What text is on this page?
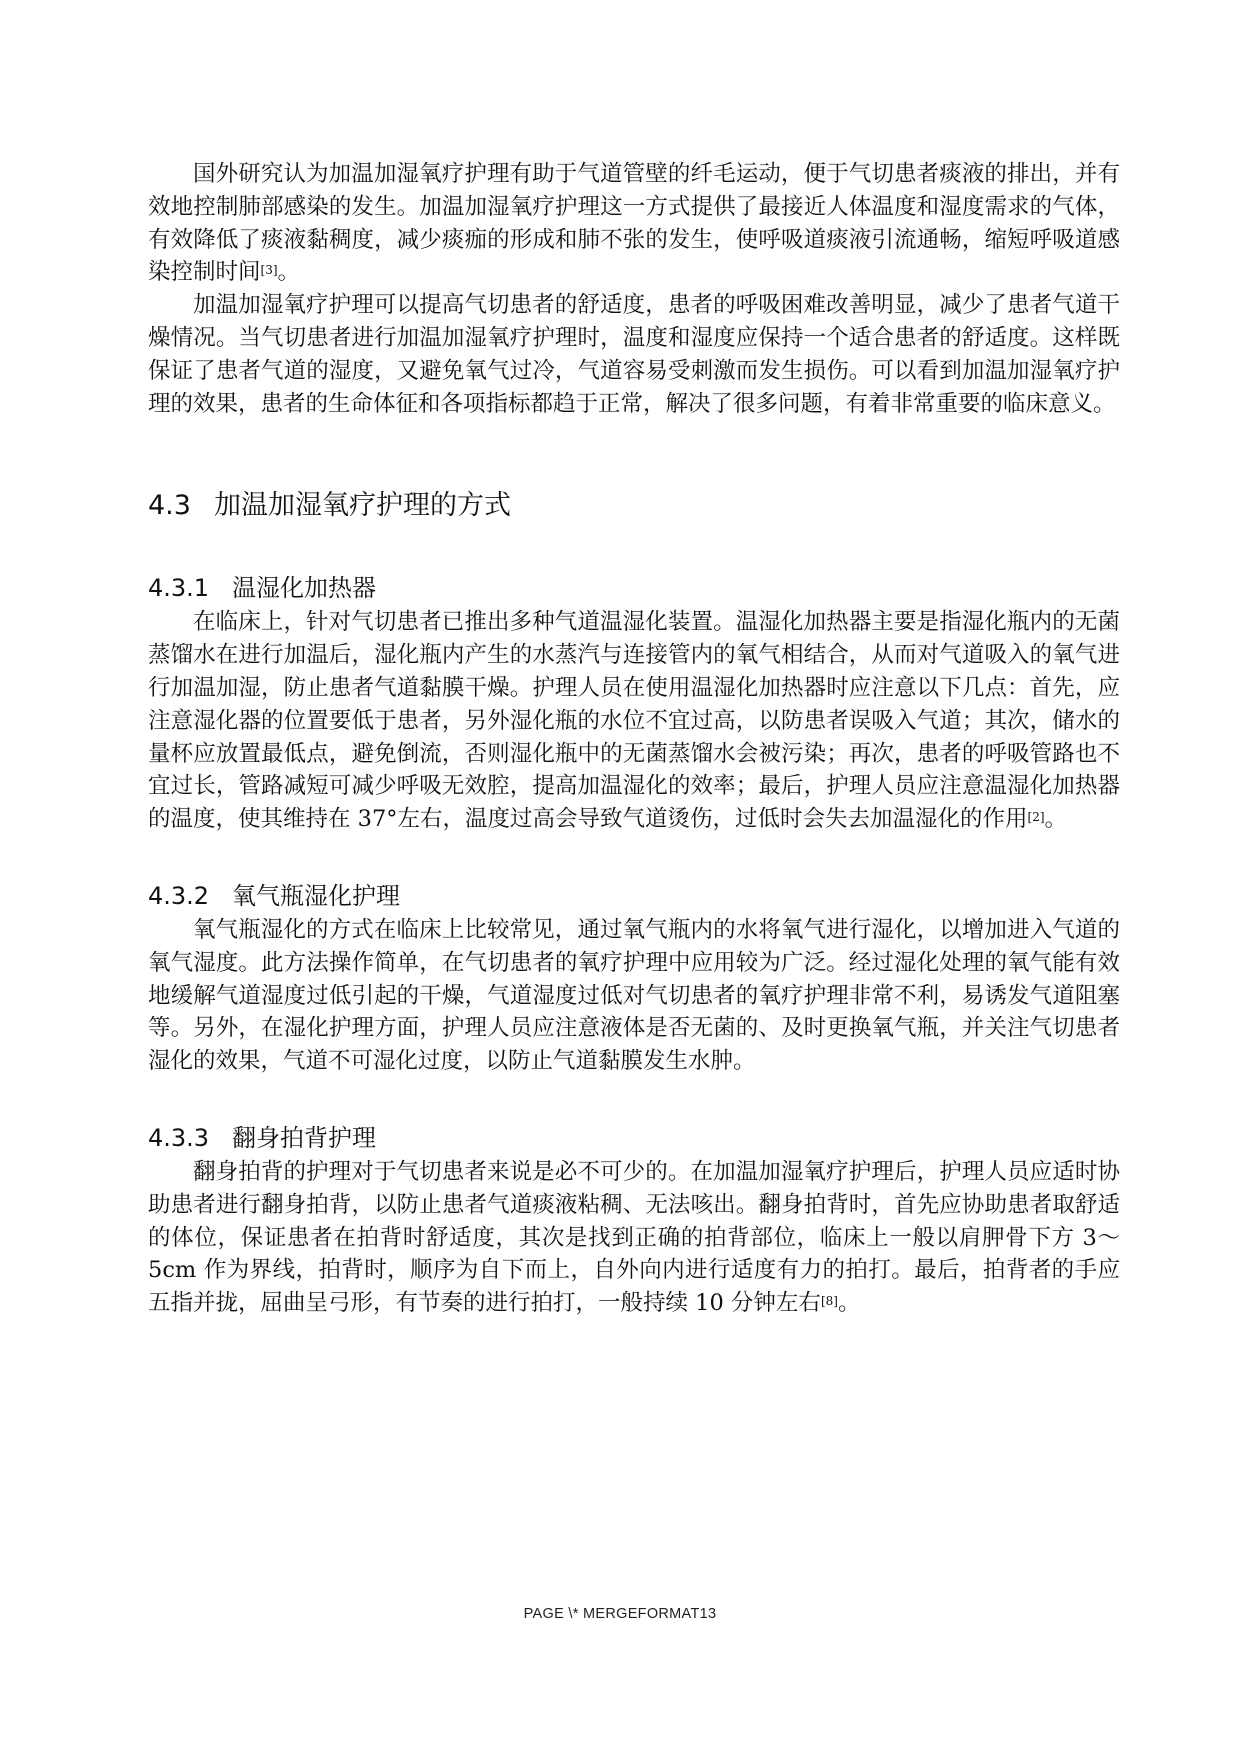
国外研究认为加温加湿氧疗护理有助于气道管壁的纤毛运动，便于气切患者痰液的排出，并有效地控制肺部感染的发生。加温加湿氧疗护理这一方式提供了最接近人体温度和湿度需求的气体，有效降低了痰液黏稠度，减少痰痂的形成和肺不张的发生，使呼吸道痰液引流通畅，缩短呼吸道感染控制时间[3]。

加温加湿氧疗护理可以提高气切患者的舒适度，患者的呼吸困难改善明显，减少了患者气道干燥情况。当气切患者进行加温加湿氧疗护理时，温度和湿度应保持一个适合患者的舒适度。这样既保证了患者气道的湿度，又避免氧气过冷，气道容易受刺激而发生损伤。可以看到加温加湿氧疗护理的效果，患者的生命体征和各项指标都趋于正常，解决了很多问题，有着非常重要的临床意义。

4.3 加温加湿氧疗护理的方式
4.3.1 温湿化加热器

在临床上，针对气切患者已推出多种气道温湿化装置。温湿化加热器主要是指湿化瓶内的无菌蒸馏水在进行加温后，湿化瓶内产生的水蒸汽与连接管内的氧气相结合，从而对气道吸入的氧气进行加温加湿，防止患者气道黏膜干燥。护理人员在使用温湿化加热器时应注意以下几点：首先，应注意湿化器的位置要低于患者，另外湿化瓶的水位不宜过高，以防患者误吸入气道；其次，储水的量杯应放置最低点，避免倒流，否则湿化瓶中的无菌蒸馏水会被污染；再次，患者的呼吸管路也不宜过长，管路减短可减少呼吸无效腔，提高加温湿化的效率；最后，护理人员应注意温湿化加热器的温度，使其维持在 37°左右，温度过高会导致气道烫伤，过低时会失去加温湿化的作用[2]。

4.3.2 氧气瓶湿化护理

氧气瓶湿化的方式在临床上比较常见，通过氧气瓶内的水将氧气进行湿化，以增加进入气道的氧气湿度。此方法操作简单，在气切患者的氧疗护理中应用较为广泛。经过湿化处理的氧气能有效地缓解气道湿度过低引起的干燥，气道湿度过低对气切患者的氧疗护理非常不利，易诱发气道阻塞等。另外，在湿化护理方面，护理人员应注意液体是否无菌的、及时更换氧气瓶，并关注气切患者湿化的效果，气道不可湿化过度，以防止气道黏膜发生水肿。

4.3.3 翻身拍背护理

翻身拍背的护理对于气切患者来说是必不可少的。在加温加湿氧疗护理后，护理人员应适时协助患者进行翻身拍背，以防止患者气道痰液粘稠、无法咳出。翻身拍背时，首先应协助患者取舒适的体位，保证患者在拍背时舒适度，其次是找到正确的拍背部位，临床上一般以肩胛骨下方 3～5cm 作为界线，拍背时，顺序为自下而上，自外向内进行适度有力的拍打。最后，拍背者的手应五指并拢，屈曲呈弓形，有节奏的进行拍打，一般持续 10 分钟左右[8]。

PAGE \* MERGEFORMAT13
